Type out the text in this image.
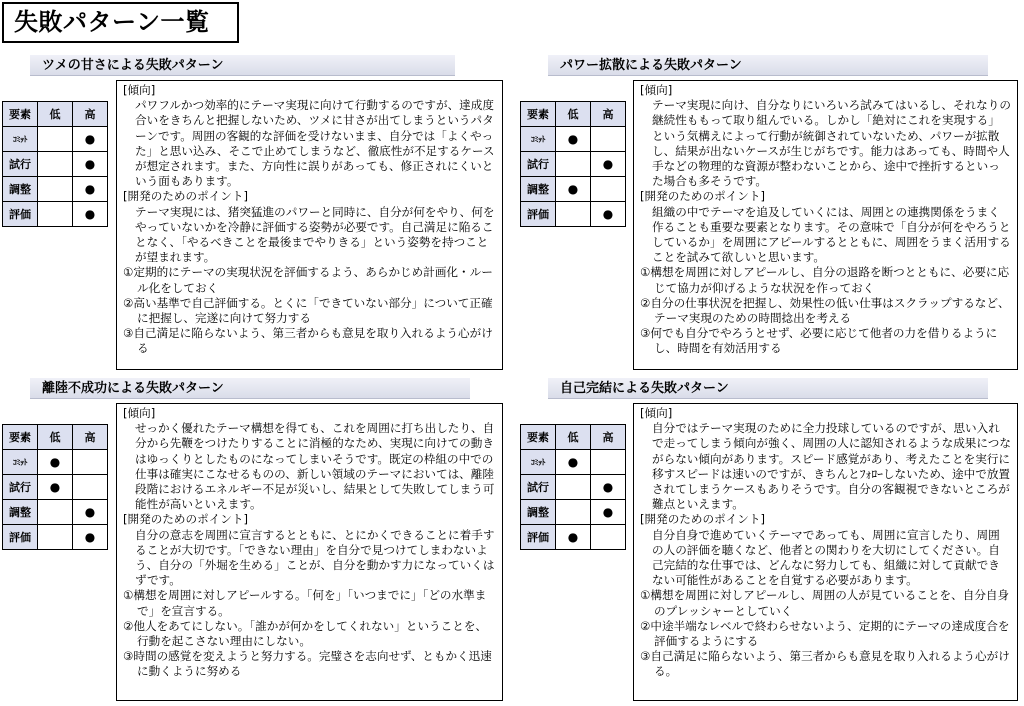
失敗パターン一覧
ツメの甘さによる失敗パターン
要素	低	高
ｺﾐｯﾄ		●
試行		●
調整		●
評価		●
[傾向]
パワフルかつ効率的にテーマ実現に向けて行動するのですが、達成度合いをきちんと把握しないため、ツメに甘さが出てしまうというパターンです。周囲の客観的な評価を受けないまま、自分では「よくやった」と思い込み、そこで止めてしまうなど、徹底性が不足するケースが想定されます。また、方向性に誤りがあっても、修正されにくいという面もあります。
[開発のためのポイント]
テーマ実現には、猪突猛進のパワーと同時に、自分が何をやり、何をやっていないかを冷静に評価する姿勢が必要です。自己満足に陥ることなく、「やるべきことを最後までやりきる」という姿勢を持つことが望まれます。
①定期的にテーマの実現状況を評価するよう、あらかじめ計画化・ルール化をしておく
②高い基準で自己評価する。とくに「できていない部分」について正確に把握し、完遂に向けて努力する
③自己満足に陥らないよう、第三者からも意見を取り入れるよう心がける
パワー拡散による失敗パターン
要素	低	高
ｺﾐｯﾄ	●	
試行		●
調整	●	
評価		●
[傾向]
テーマ実現に向け、自分なりにいろいろ試みてはいるし、それなりの継続性ももって取り組んでいる。しかし「絶対にこれを実現する」という気構えによって行動が統御されていないため、パワーが拡散し、結果が出ないケースが生じがちです。能力はあっても、時間や人手などの物理的な資源が整わないことから、途中で挫折するといった場合も多そうです。
[開発のためのポイント]
組織の中でテーマを追及していくには、周囲との連携関係をうまく作ることも重要な要素となります。その意味で「自分が何をやろうとしているか」を周囲にアピールするとともに、周囲をうまく活用することを試みて欲しいと思います。
①構想を周囲に対しアピールし、自分の退路を断つとともに、必要に応じて協力が仰げるような状況を作っておく
②自分の仕事状況を把握し、効果性の低い仕事はスクラップするなど、テーマ実現のための時間捻出を考える
③何でも自分でやろうとせず、必要に応じて他者の力を借りるようにし、時間を有効活用する
離陸不成功による失敗パターン
要素	低	高
ｺﾐｯﾄ	●	
試行	●	
調整		●
評価		●
[傾向]
せっかく優れたテーマ構想を得ても、これを周囲に打ち出したり、自分から先鞭をつけたりすることに消極的なため、実現に向けての動きはゆっくりとしたものになってしまいそうです。既定の枠組の中での仕事は確実にこなせるものの、新しい領域のテーマにおいては、離陸段階におけるエネルギー不足が災いし、結果として失敗してしまう可能性が高いといえます。
[開発のためのポイント]
自分の意志を周囲に宣言するとともに、とにかくできることに着手することが大切です。「できない理由」を自分で見つけてしまわないよう、自分の「外堀を生める」ことが、自分を動かす力になっていくはずです。
①構想を周囲に対しアピールする。「何を」「いつまでに」「どの水準まで」を宣言する。
②他人をあてにしない。「誰かが何かをしてくれない」ということを、行動を起こさない理由にしない。
③時間の感覚を変えようと努力する。完璧さを志向せず、ともかく迅速に動くように努める
自己完結による失敗パターン
要素	低	高
ｺﾐｯﾄ	●	
試行		●
調整		●
評価	●	
[傾向]
自分ではテーマ実現のために全力投球しているのですが、思い入れで走ってしまう傾向が強く、周囲の人に認知されるような成果につながらない傾向があります。スピード感覚があり、考えたことを実行に移すスピードは速いのですが、きちんとﾌｫﾛｰしないため、途中で放置されてしまうケースもありそうです。自分の客観視できないところが難点といえます。
[開発のためのポイント]
自分自身で進めていくテーマであっても、周囲に宣言したり、周囲の人の評価を聴くなど、他者との関わりを大切にしてください。自己完結的な仕事では、どんなに努力しても、組織に対して貢献できない可能性があることを自覚する必要があります。
①構想を周囲に対しアピールし、周囲の人が見ていることを、自分自身のプレッシャーとしていく
②中途半端なレベルで終わらせないよう、定期的にテーマの達成度合を評価するようにする
③自己満足に陥らないよう、第三者からも意見を取り入れるよう心がける。
